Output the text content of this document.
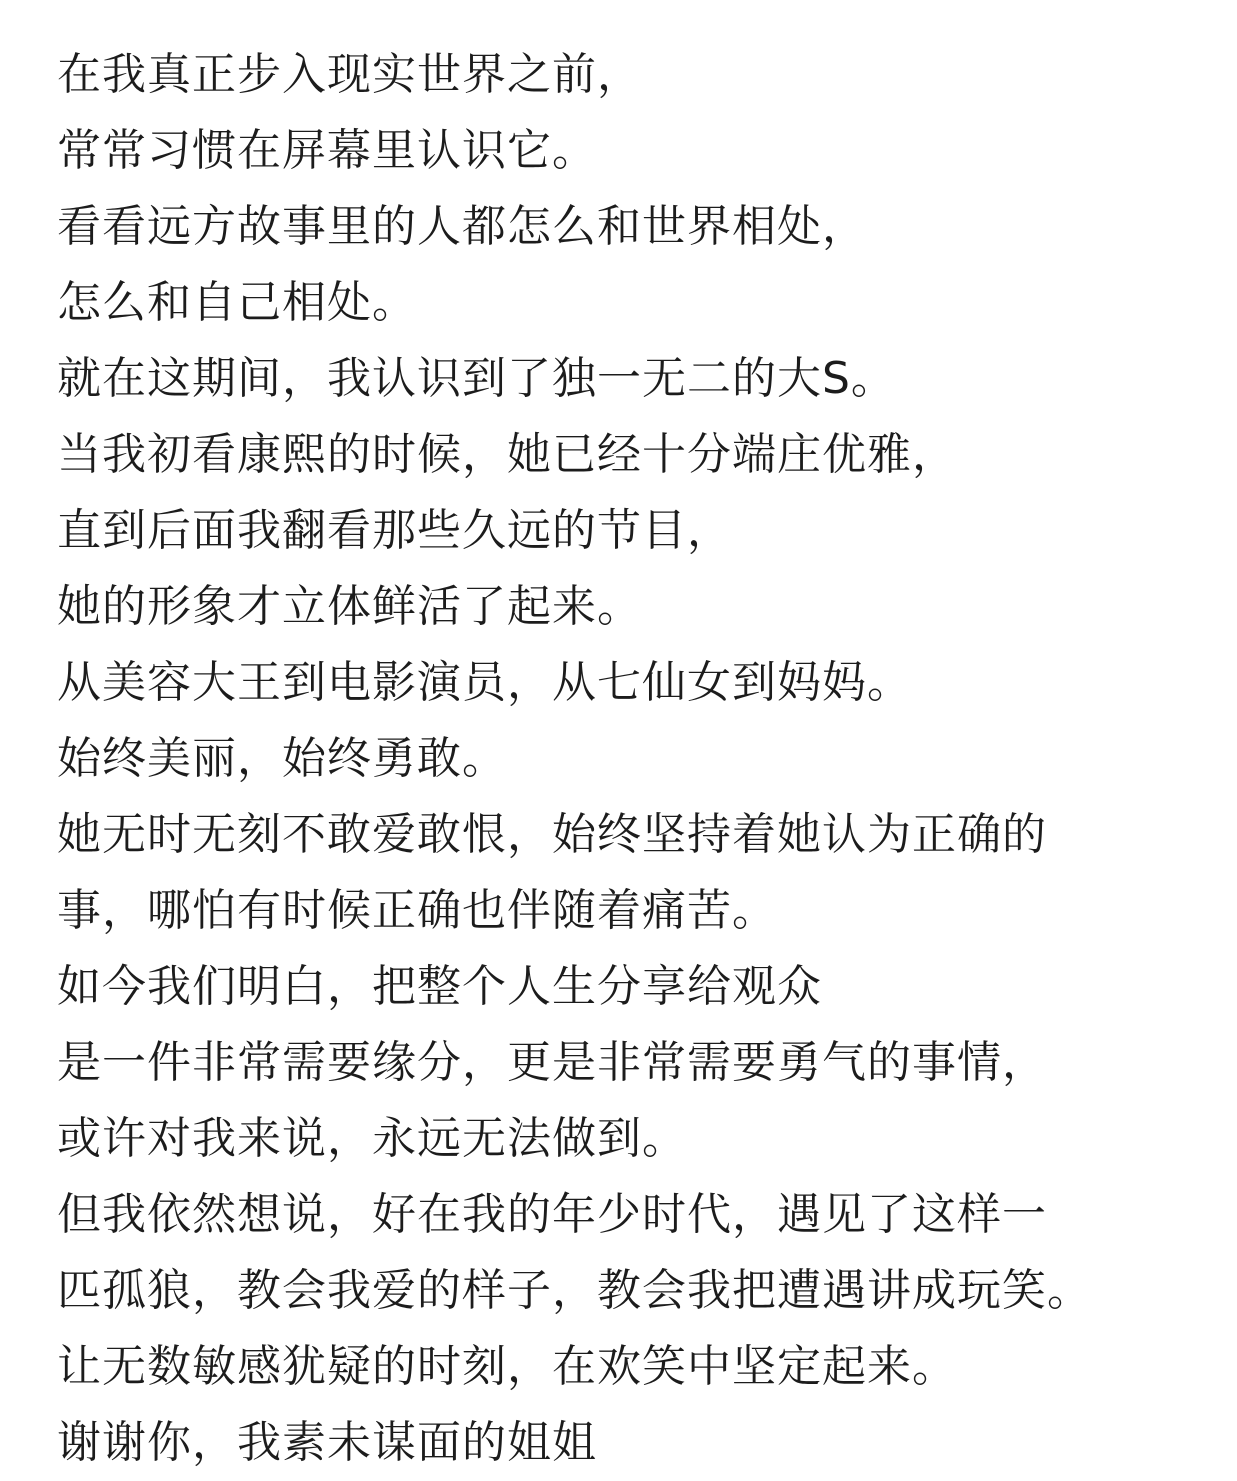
在我真正步入现实世界之前，
常常习惯在屏幕里认识它。
看看远方故事里的人都怎么和世界相处，
怎么和自己相处。
就在这期间，我认识到了独一无二的大S。
当我初看康熙的时候，她已经十分端庄优雅，
直到后面我翻看那些久远的节目，
她的形象才立体鲜活了起来。
从美容大王到电影演员，从七仙女到妈妈。
始终美丽，始终勇敢。
她无时无刻不敢爱敢恨，始终坚持着她认为正确的
事，哪怕有时候正确也伴随着痛苦。
如今我们明白，把整个人生分享给观众
是一件非常需要缘分，更是非常需要勇气的事情，
或许对我来说，永远无法做到。
但我依然想说，好在我的年少时代，遇见了这样一
匹孤狼，教会我爱的样子，教会我把遭遇讲成玩笑。
让无数敏感犹疑的时刻，在欢笑中坚定起来。
谢谢你，我素未谋面的姐姐
